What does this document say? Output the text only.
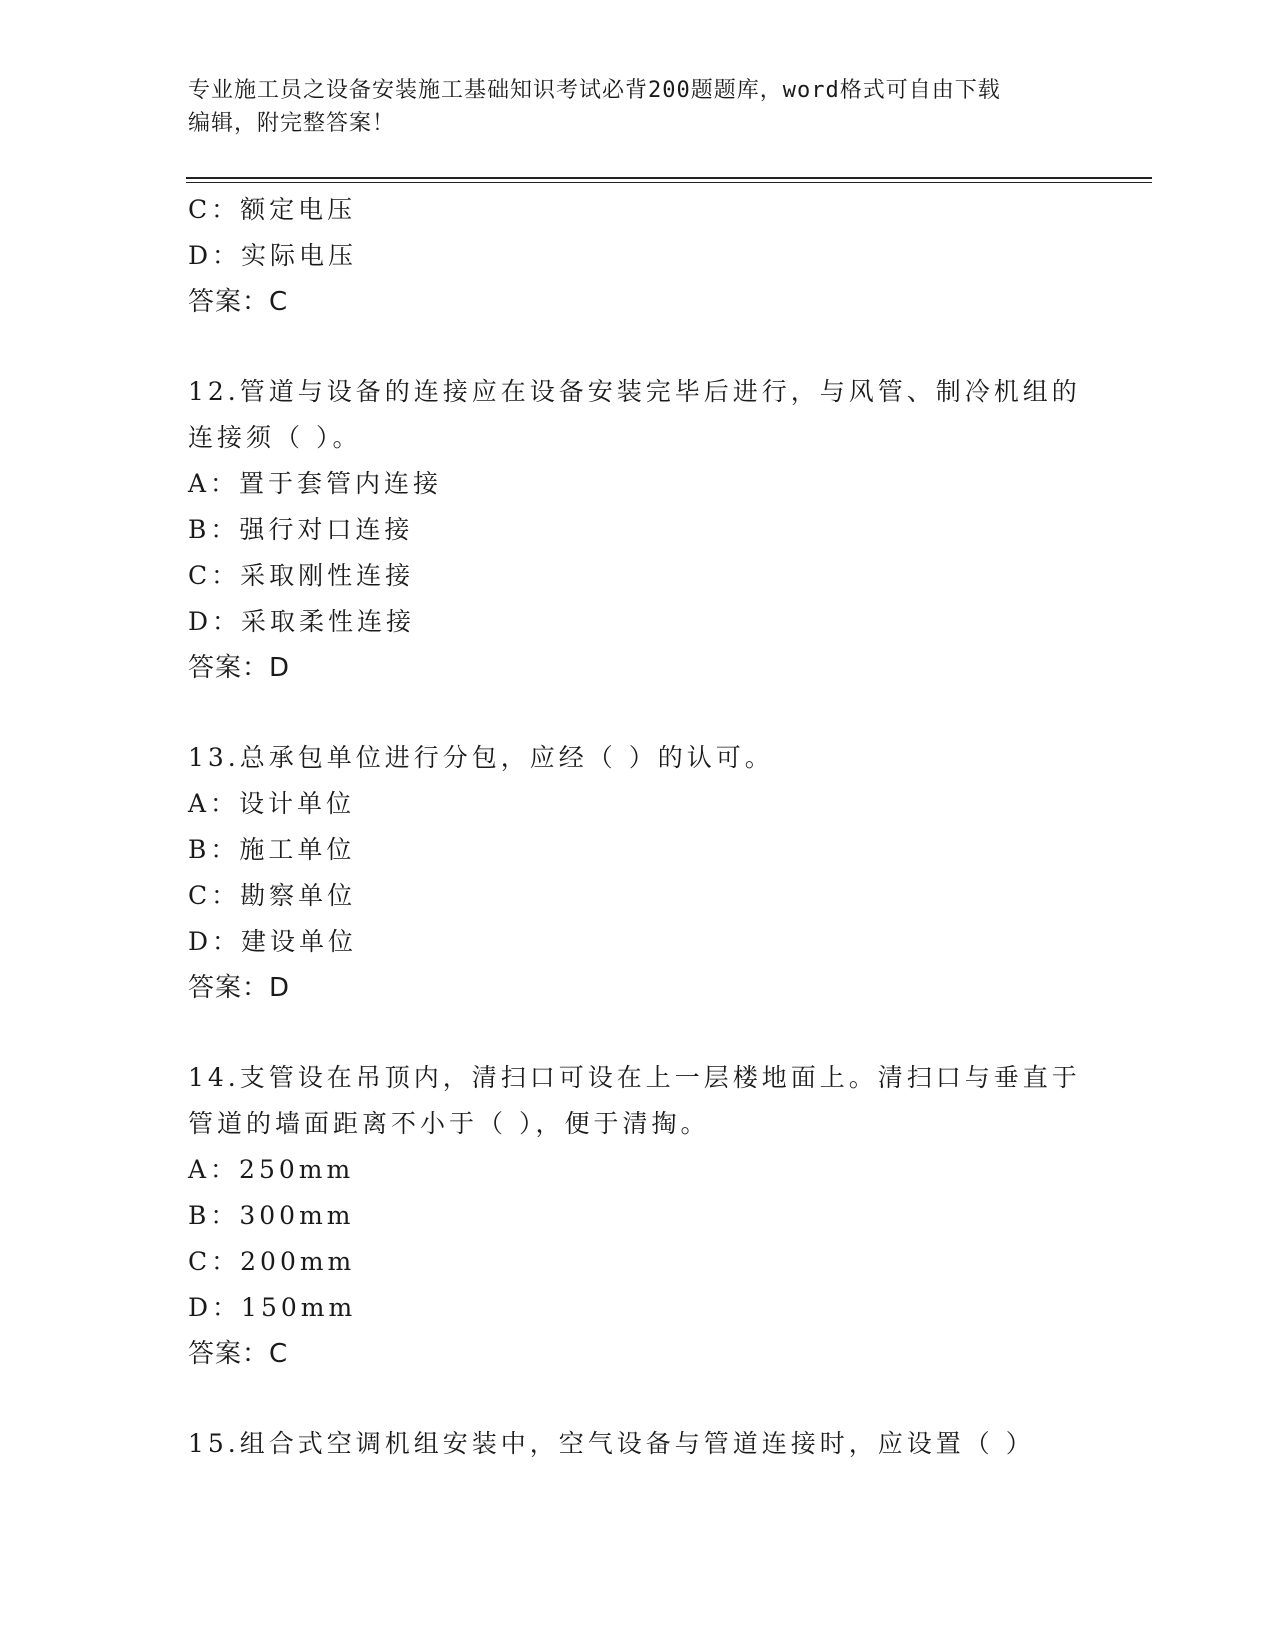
专业施工员之设备安装施工基础知识考试必背200题题库，word格式可自由下载
编辑，附完整答案！
C：额定电压
D：实际电压
答案：C
12.管道与设备的连接应在设备安装完毕后进行，与风管、制冷机组的
连接须（ ）。
A：置于套管内连接
B：强行对口连接
C：采取刚性连接
D：采取柔性连接
答案：D
13.总承包单位进行分包，应经（ ）的认可。
A：设计单位
B：施工单位
C：勘察单位
D：建设单位
答案：D
14.支管设在吊顶内，清扫口可设在上一层楼地面上。清扫口与垂直于
管道的墙面距离不小于（ ），便于清掏。
A：250mm
B：300mm
C：200mm
D：150mm
答案：C
15.组合式空调机组安装中，空气设备与管道连接时，应设置（ ）
